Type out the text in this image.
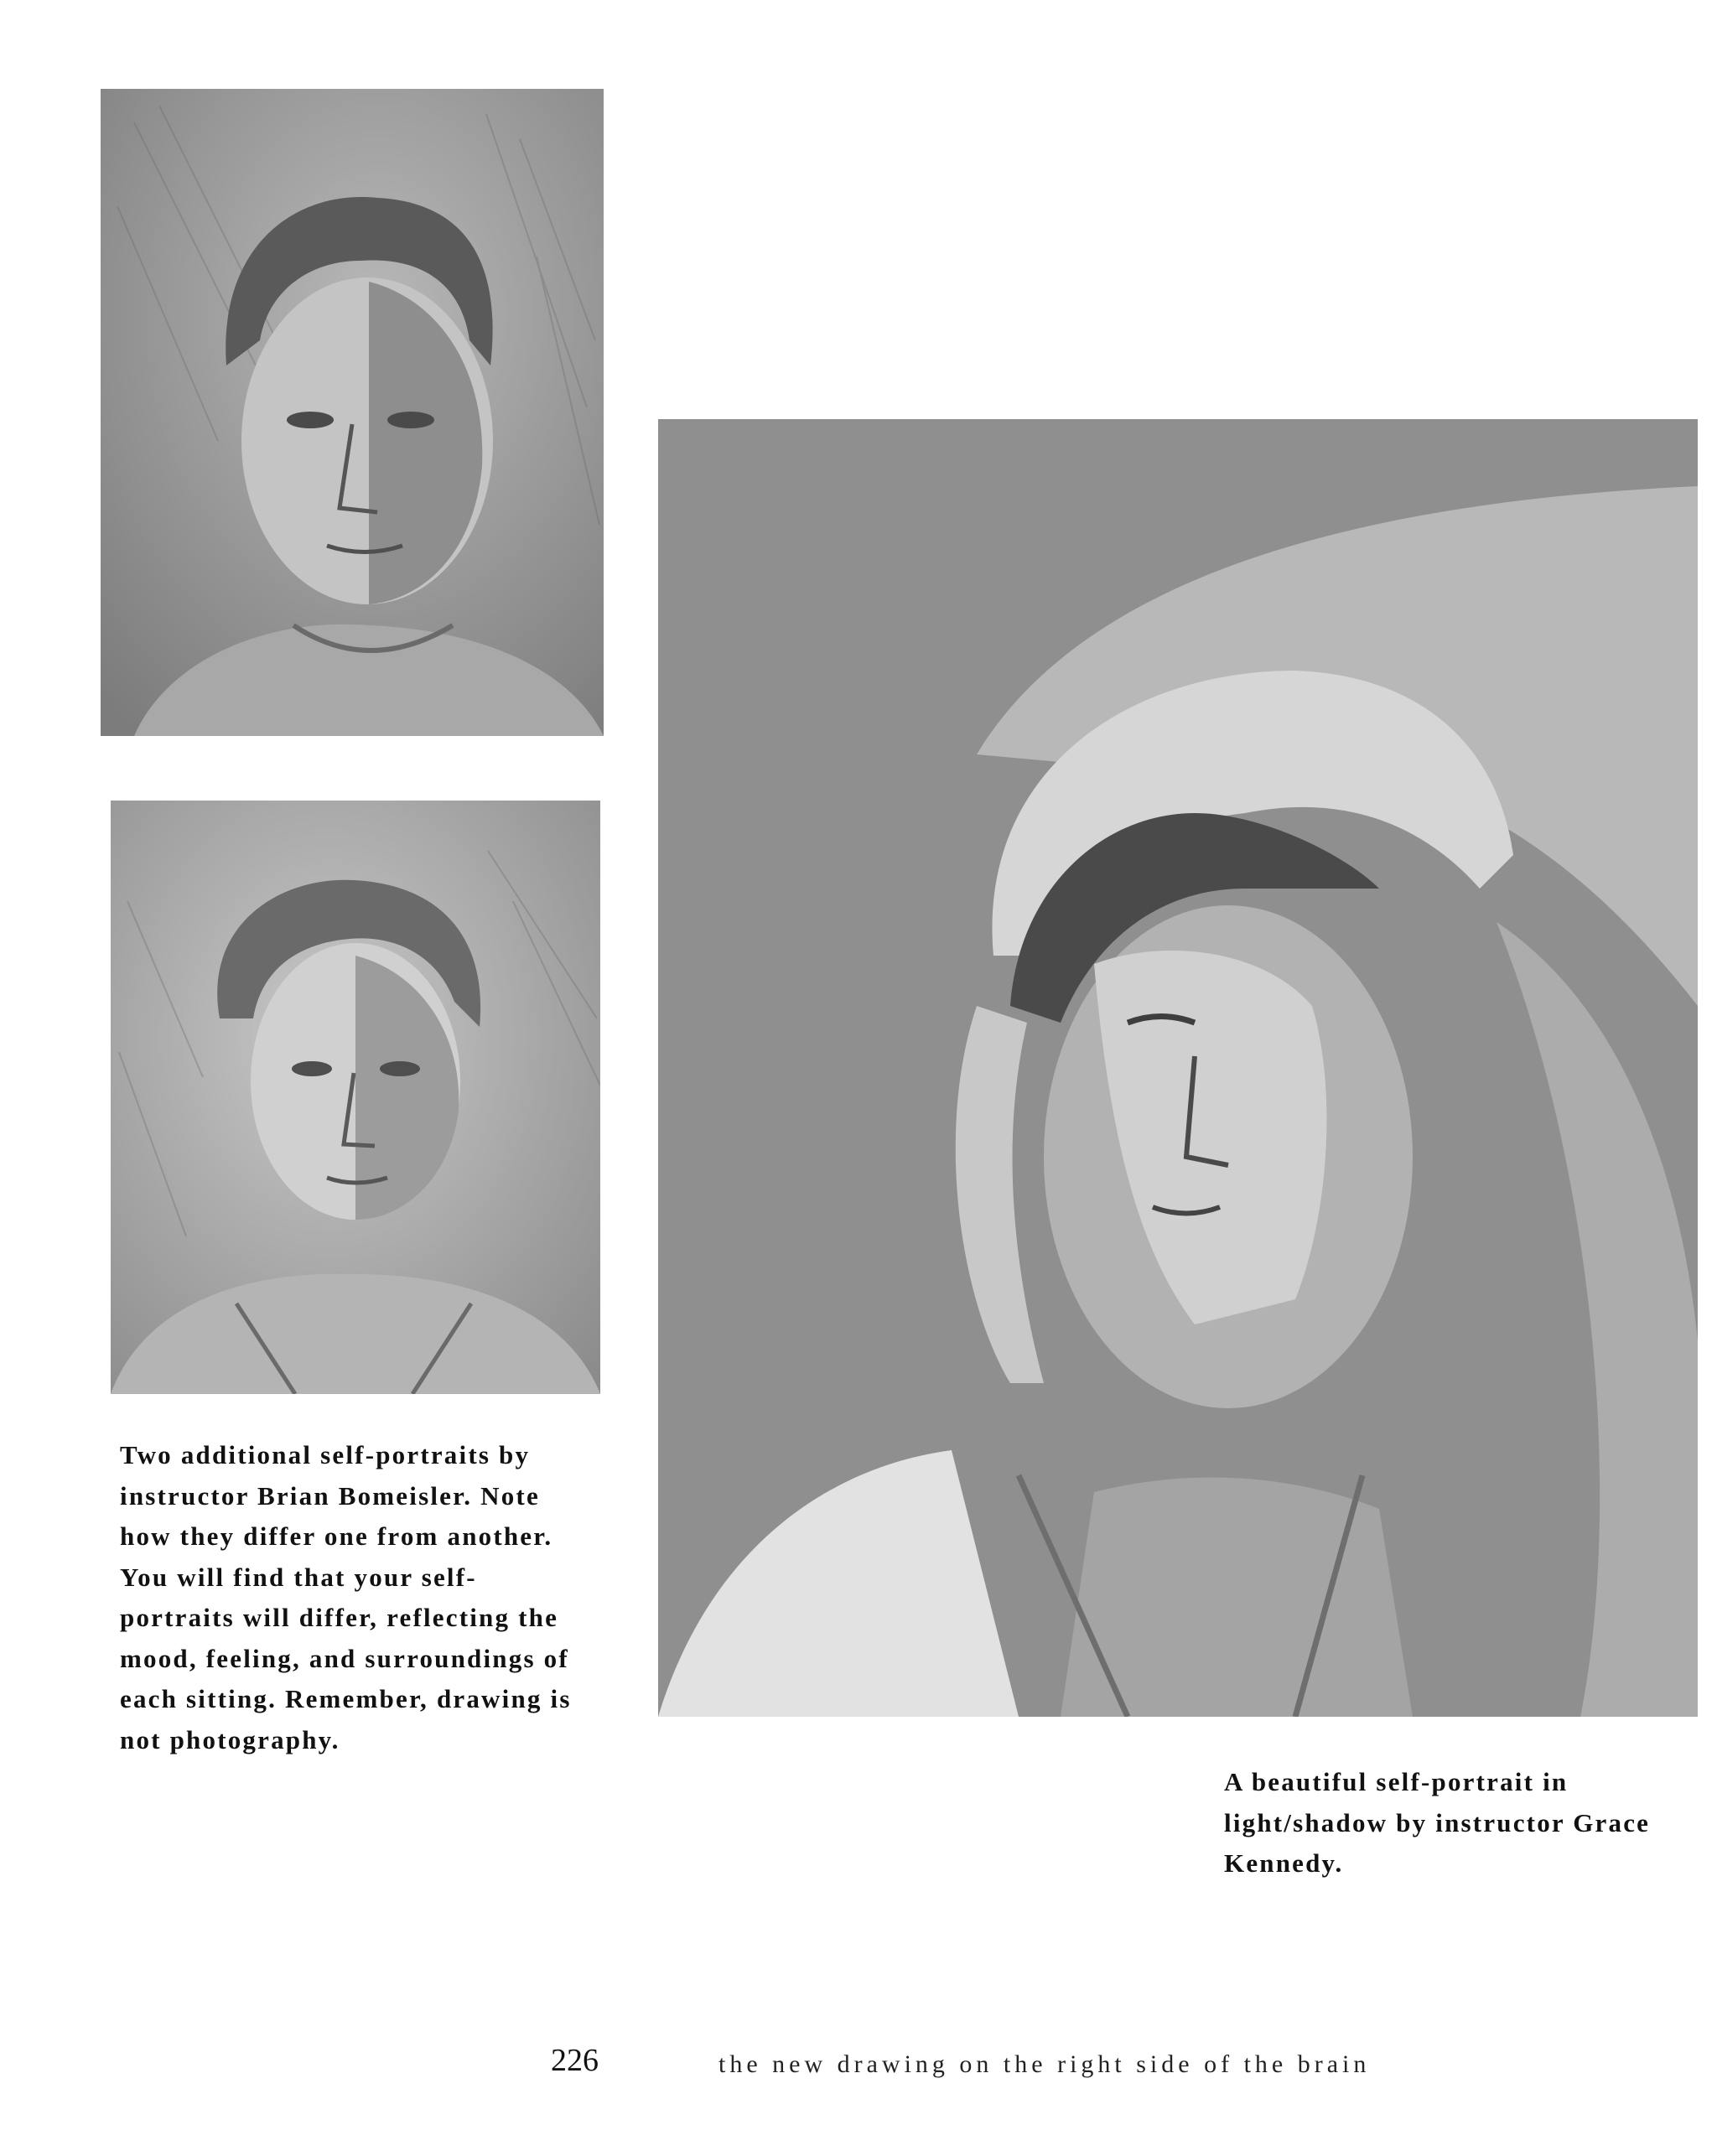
Two additional self-portraits by
instructor Brian Bomeisler. Note
how they differ one from another.
You will find that your self-
portraits will differ, reflecting the
mood, feeling, and surroundings of
each sitting. Remember, drawing is
not photography.

A beautiful self-portrait in
light/shadow by instructor Grace
Kennedy.

226	the new drawing on the right side of the brain
